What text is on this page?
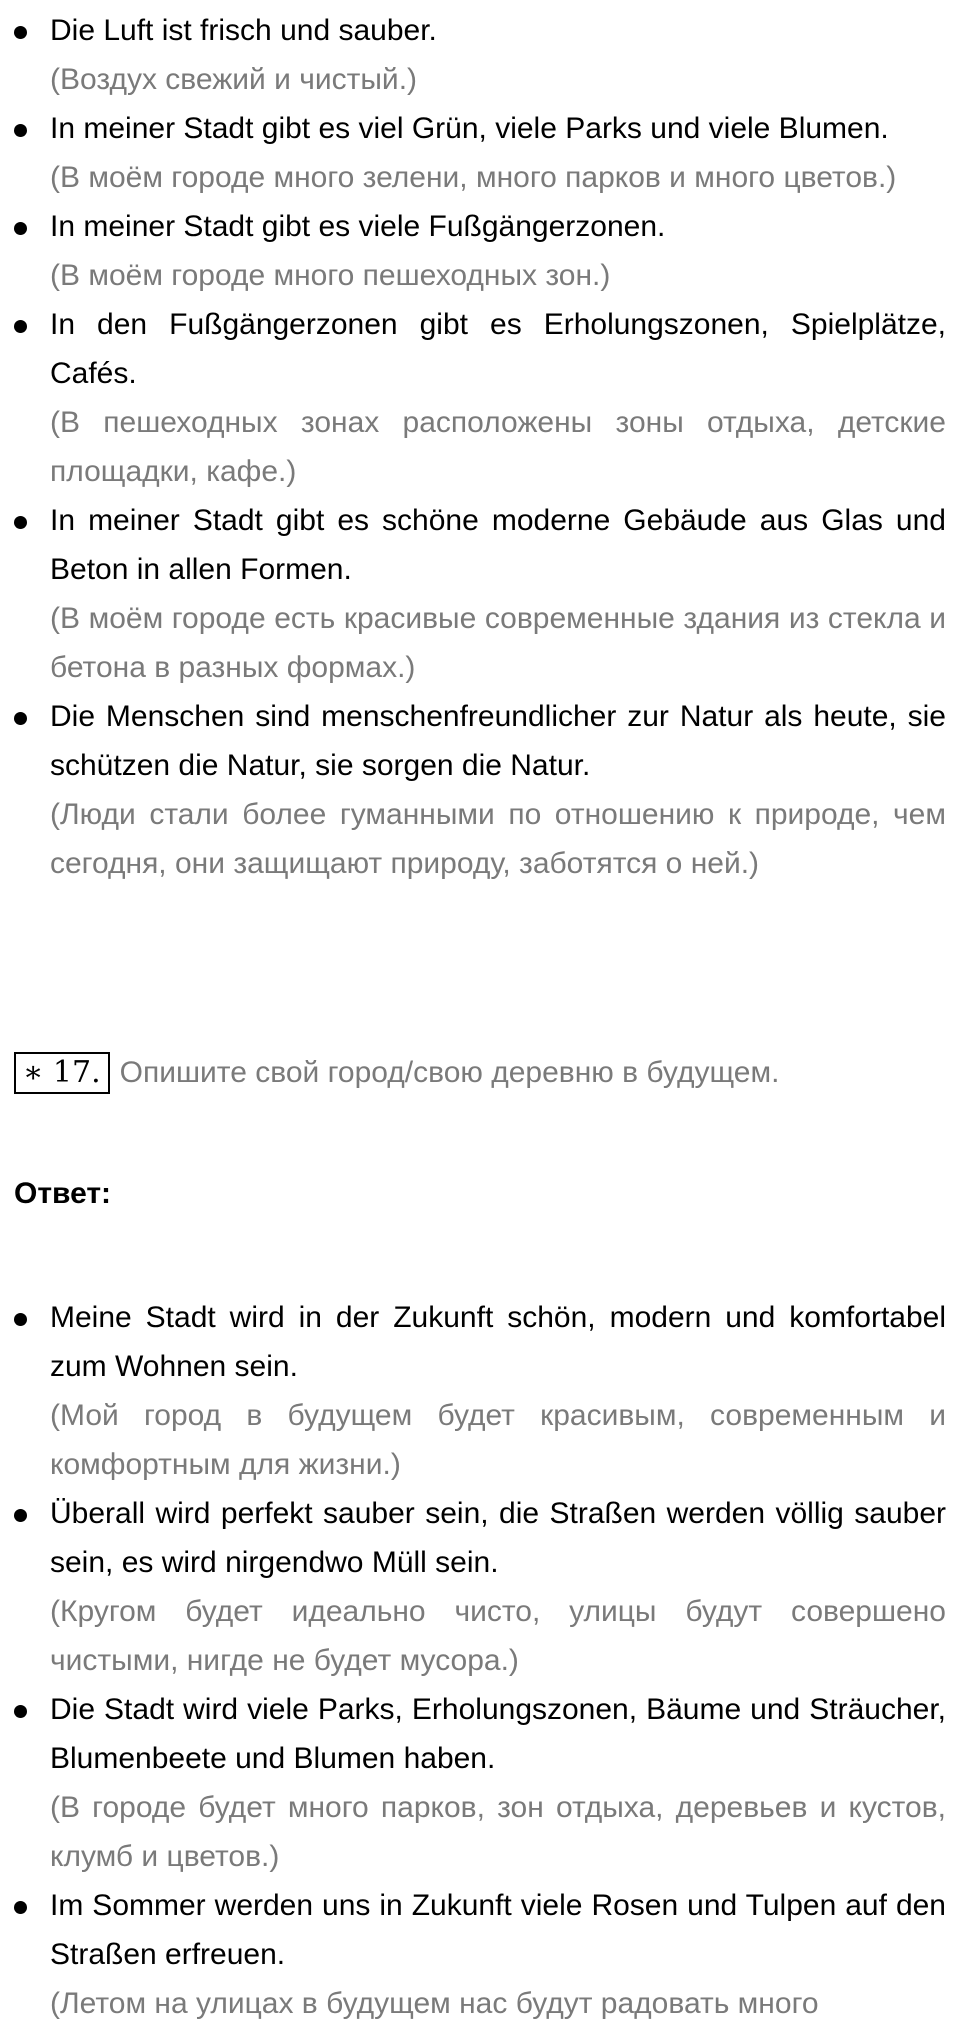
Die Luft ist frisch und sauber.
(Воздух свежий и чистый.)
In meiner Stadt gibt es viel Grün, viele Parks und viele Blumen.
(В моём городе много зелени, много парков и много цветов.)
In meiner Stadt gibt es viele Fußgängerzonen.
(В моём городе много пешеходных зон.)
In den Fußgängerzonen gibt es Erholungszonen, Spielplätze, Cafés.
(В пешеходных зонах расположены зоны отдыха, детские площадки, кафе.)
In meiner Stadt gibt es schöne moderne Gebäude aus Glas und Beton in allen Formen.
(В моём городе есть красивые современные здания из стекла и бетона в разных формах.)
Die Menschen sind menschenfreundlicher zur Natur als heute, sie schützen die Natur, sie sorgen die Natur.
(Люди стали более гуманными по отношению к природе, чем сегодня, они защищают природу, заботятся о ней.)
∗ 17. Опишите свой город/свою деревню в будущем.
Ответ:
Meine Stadt wird in der Zukunft schön, modern und komfortabel zum Wohnen sein.
(Мой город в будущем будет красивым, современным и комфортным для жизни.)
Überall wird perfekt sauber sein, die Straßen werden völlig sauber sein, es wird nirgendwo Müll sein.
(Кругом будет идеально чисто, улицы будут совершено чистыми, нигде не будет мусора.)
Die Stadt wird viele Parks, Erholungszonen, Bäume und Sträucher, Blumenbeete und Blumen haben.
(В городе будет много парков, зон отдыха, деревьев и кустов, клумб и цветов.)
Im Sommer werden uns in Zukunft viele Rosen und Tulpen auf den Straßen erfreuen.
(Летом на улицах в будущем нас будут радовать много
